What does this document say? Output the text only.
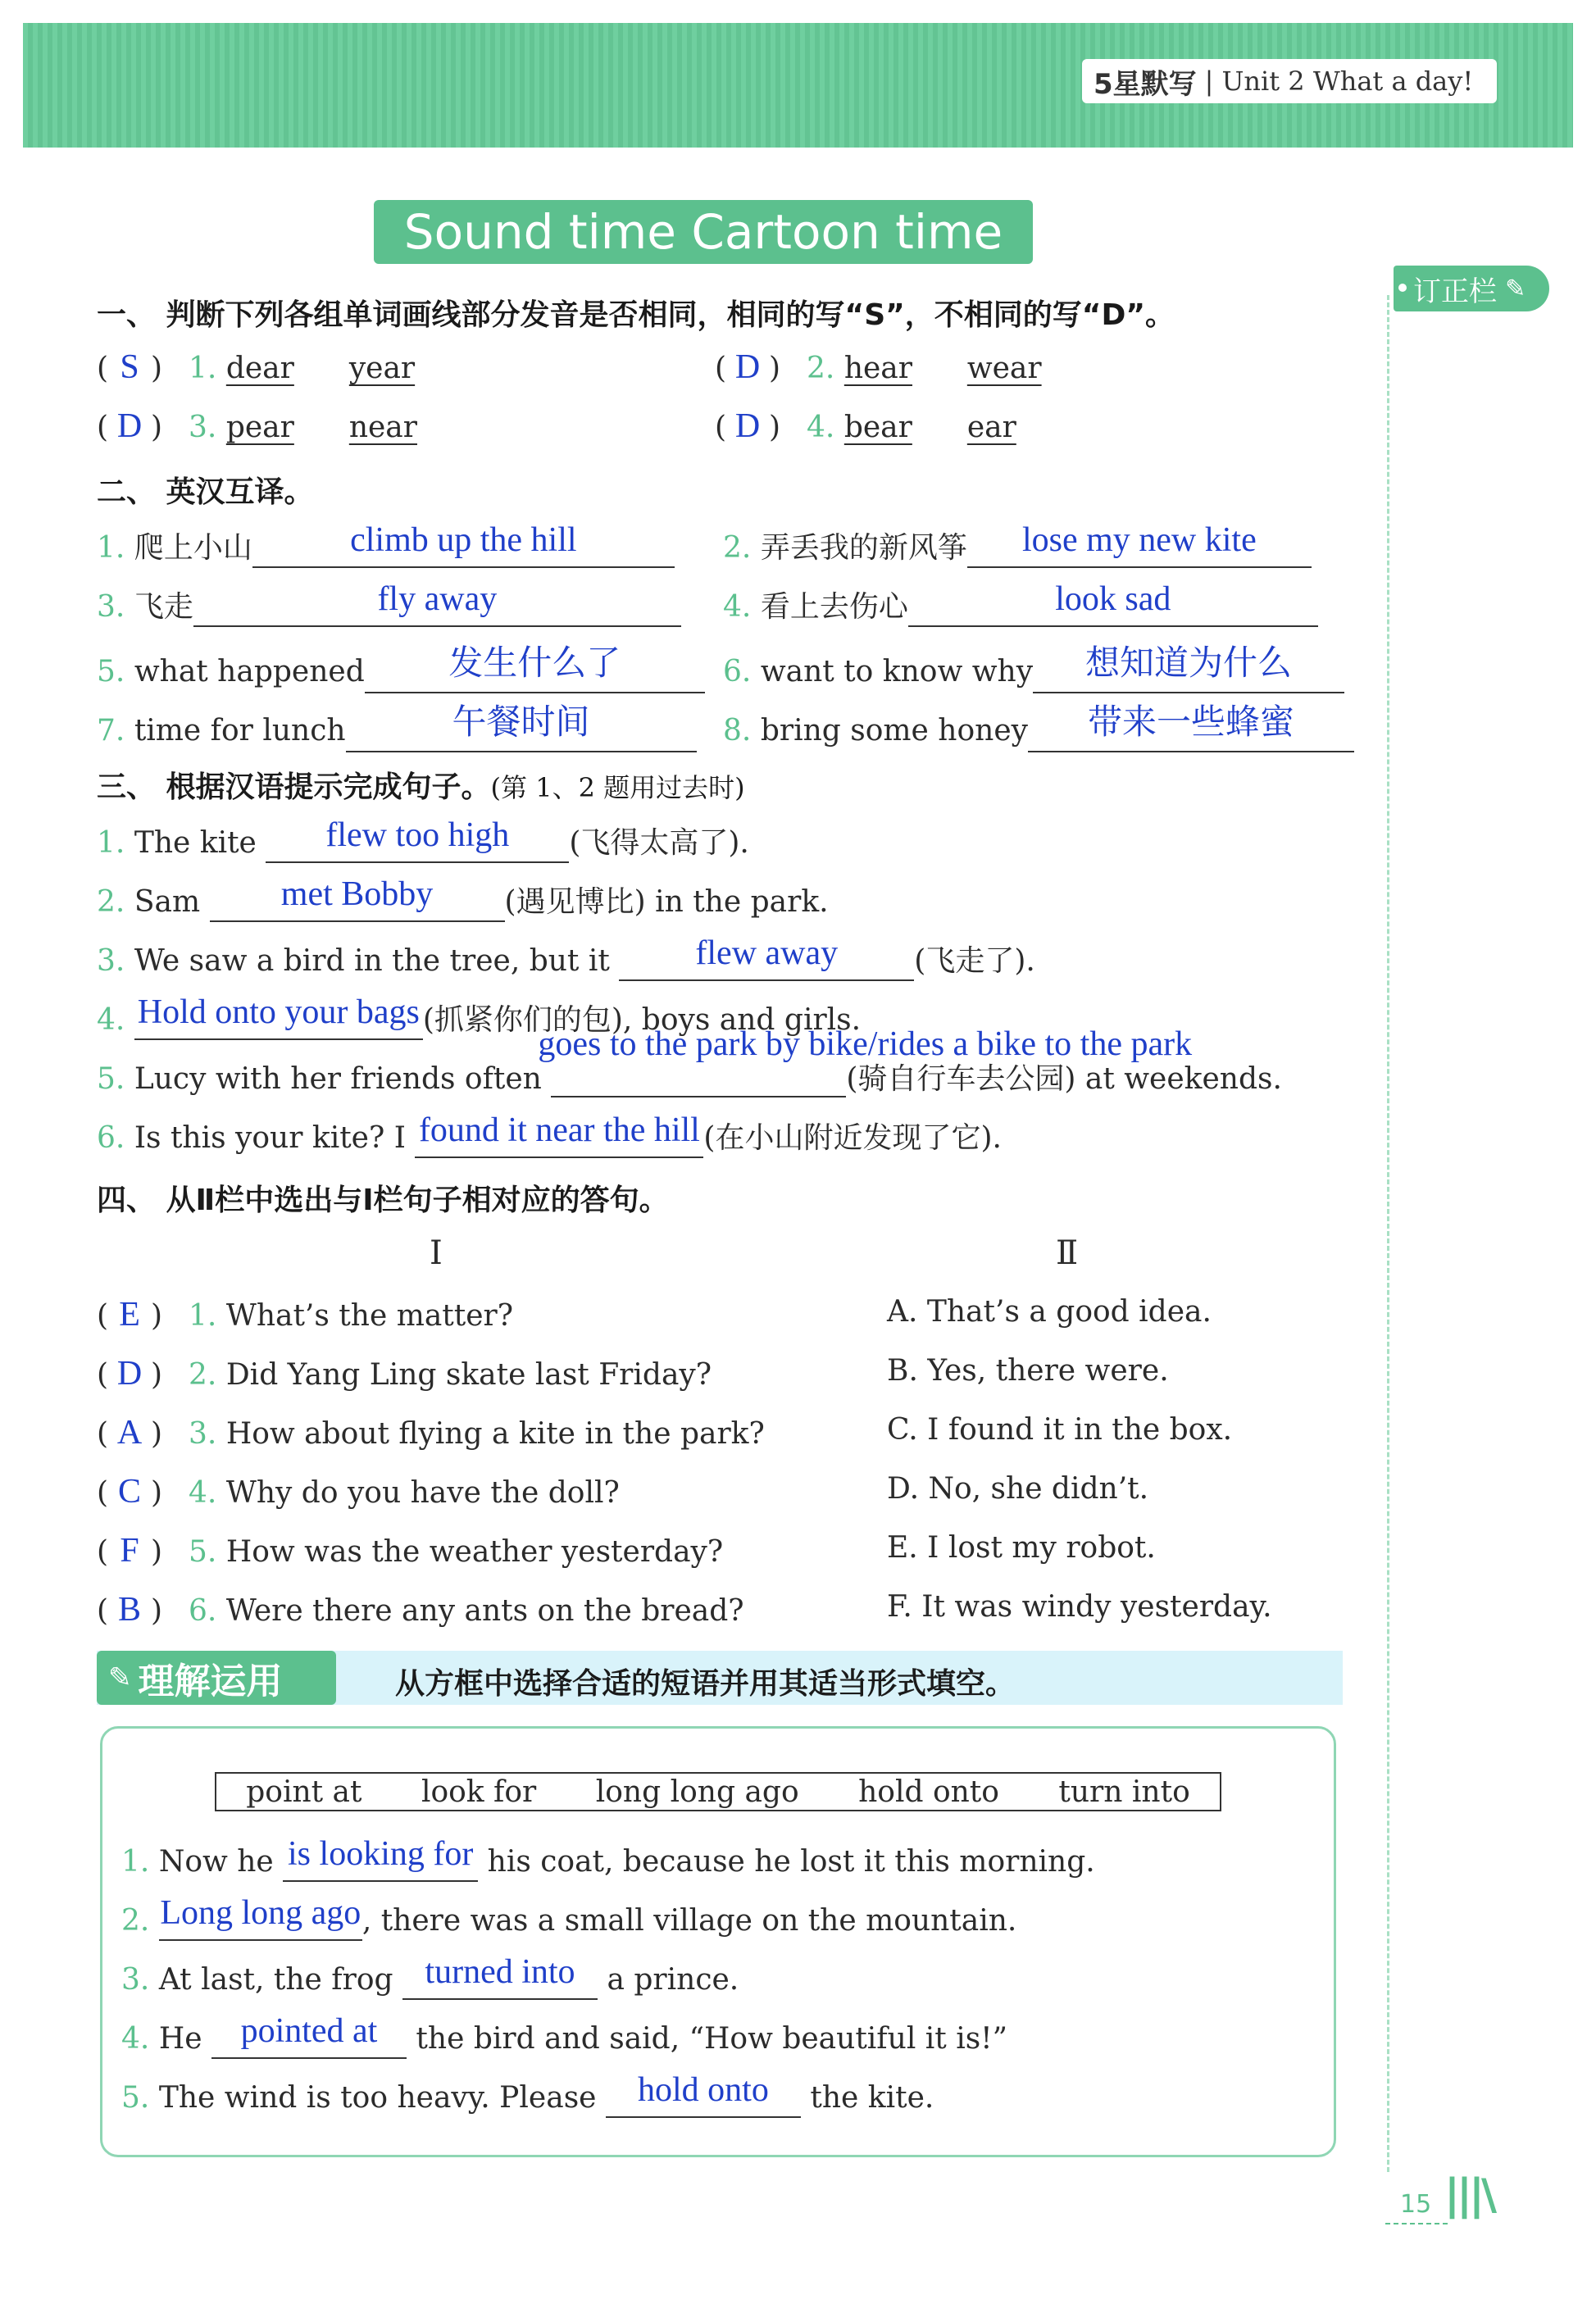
5星默写 | Unit 2 What a day!
订正栏 ✎
Sound time Cartoon time
一、 判断下列各组单词画线部分发音是否相同，相同的写“S”，不相同的写“D”。
( S ) 1. dear year	( D ) 2. hear wear
( D ) 3. pear near	( D ) 4. bear ear
二、 英汉互译。
1. 爬上小山	climb up the hill	2. 弄丢我的新风筝 lose my new kite
3. 飞走	fly away	4. 看上去伤心	look sad
5. what happened 发生什么了	6. want to know why 想知道为什么
7. time for lunch	午餐时间	8. bring some honey 带来一些蜂蜜
三、 根据汉语提示完成句子。(第 1、2 题用过去时)
1. The kite flew too high (飞得太高了).
2. Sam met Bobby (遇见博比) in the park.
3. We saw a bird in the tree, but it flew away	(飞走了).
4. Hold onto your bags (抓紧你们的包), boys and girls.
5. Lucy with her friends often
goes to the park by bike/rides a bike to the park
(骑自行车去公园) at weekends.
6. Is this your kite? I found it near the hill (在小山附近发现了它).
四、 从Ⅱ栏中选出与Ⅰ栏句子相对应的答句。
Ⅰ	Ⅱ
( E ) 1. What’s the matter?
( D ) 2. Did Yang Ling skate last Friday?
( A ) 3. How about flying a kite in the park?
( C ) 4. Why do you have the doll?
( F ) 5. How was the weather yesterday?
( B ) 6. Were there any ants on the bread?
A. That’s a good idea.
B. Yes, there were.
C. I found it in the box.
D. No, she didn’t.
E. I lost my robot.
F. It was windy yesterday.
✎ 理解运用	从方框中选择合适的短语并用其适当形式填空。
point at look for long long ago hold onto turn into
1. Now he is looking for his coat, because he lost it this morning.
2. Long long ago, there was a small village on the mountain.
3. At last, the frog turned into a prince.
4. He pointed at the bird and said, “How beautiful it is!”
5. The wind is too heavy. Please hold onto the kite.
15 |||\
